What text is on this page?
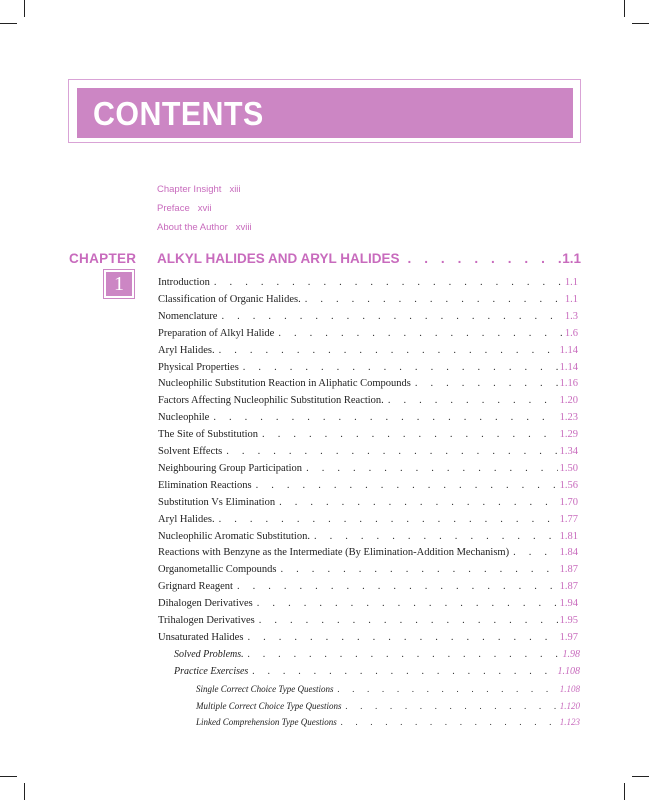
CONTENTS
Chapter Insight xiii
Preface xvii
About the Author xviii
CHAPTER
1
ALKYL HALIDES AND ARYL HALIDES . . .	1.1
Introduction . . .	1.1
Classification of Organic Halides. . . .	1.1
Nomenclature . . .	1.3
Preparation of Alkyl Halide . . .	1.6
Aryl Halides. . . .	1.14
Physical Properties . . .	1.14
Nucleophilic Substitution Reaction in Aliphatic Compounds . . .	1.16
Factors Affecting Nucleophilic Substitution Reaction. . . .	1.20
Nucleophile . . .	1.23
The Site of Substitution . . .	1.29
Solvent Effects . . .	1.34
Neighbouring Group Participation . . .	1.50
Elimination Reactions . . .	1.56
Substitution Vs Elimination . . .	1.70
Aryl Halides. . . .	1.77
Nucleophilic Aromatic Substitution. . . .	1.81
Reactions with Benzyne as the Intermediate (By Elimination-Addition Mechanism) . . .	1.84
Organometallic Compounds . . .	1.87
Grignard Reagent . . .	1.87
Dihalogen Derivatives . . .	1.94
Trihalogen Derivatives . . .	1.95
Unsaturated Halides . . .	1.97
Solved Problems. . . .	1.98
Practice Exercises . . .	1.108
Single Correct Choice Type Questions . . .	1.108
Multiple Correct Choice Type Questions . . .	1.120
Linked Comprehension Type Questions . . .	1.123
